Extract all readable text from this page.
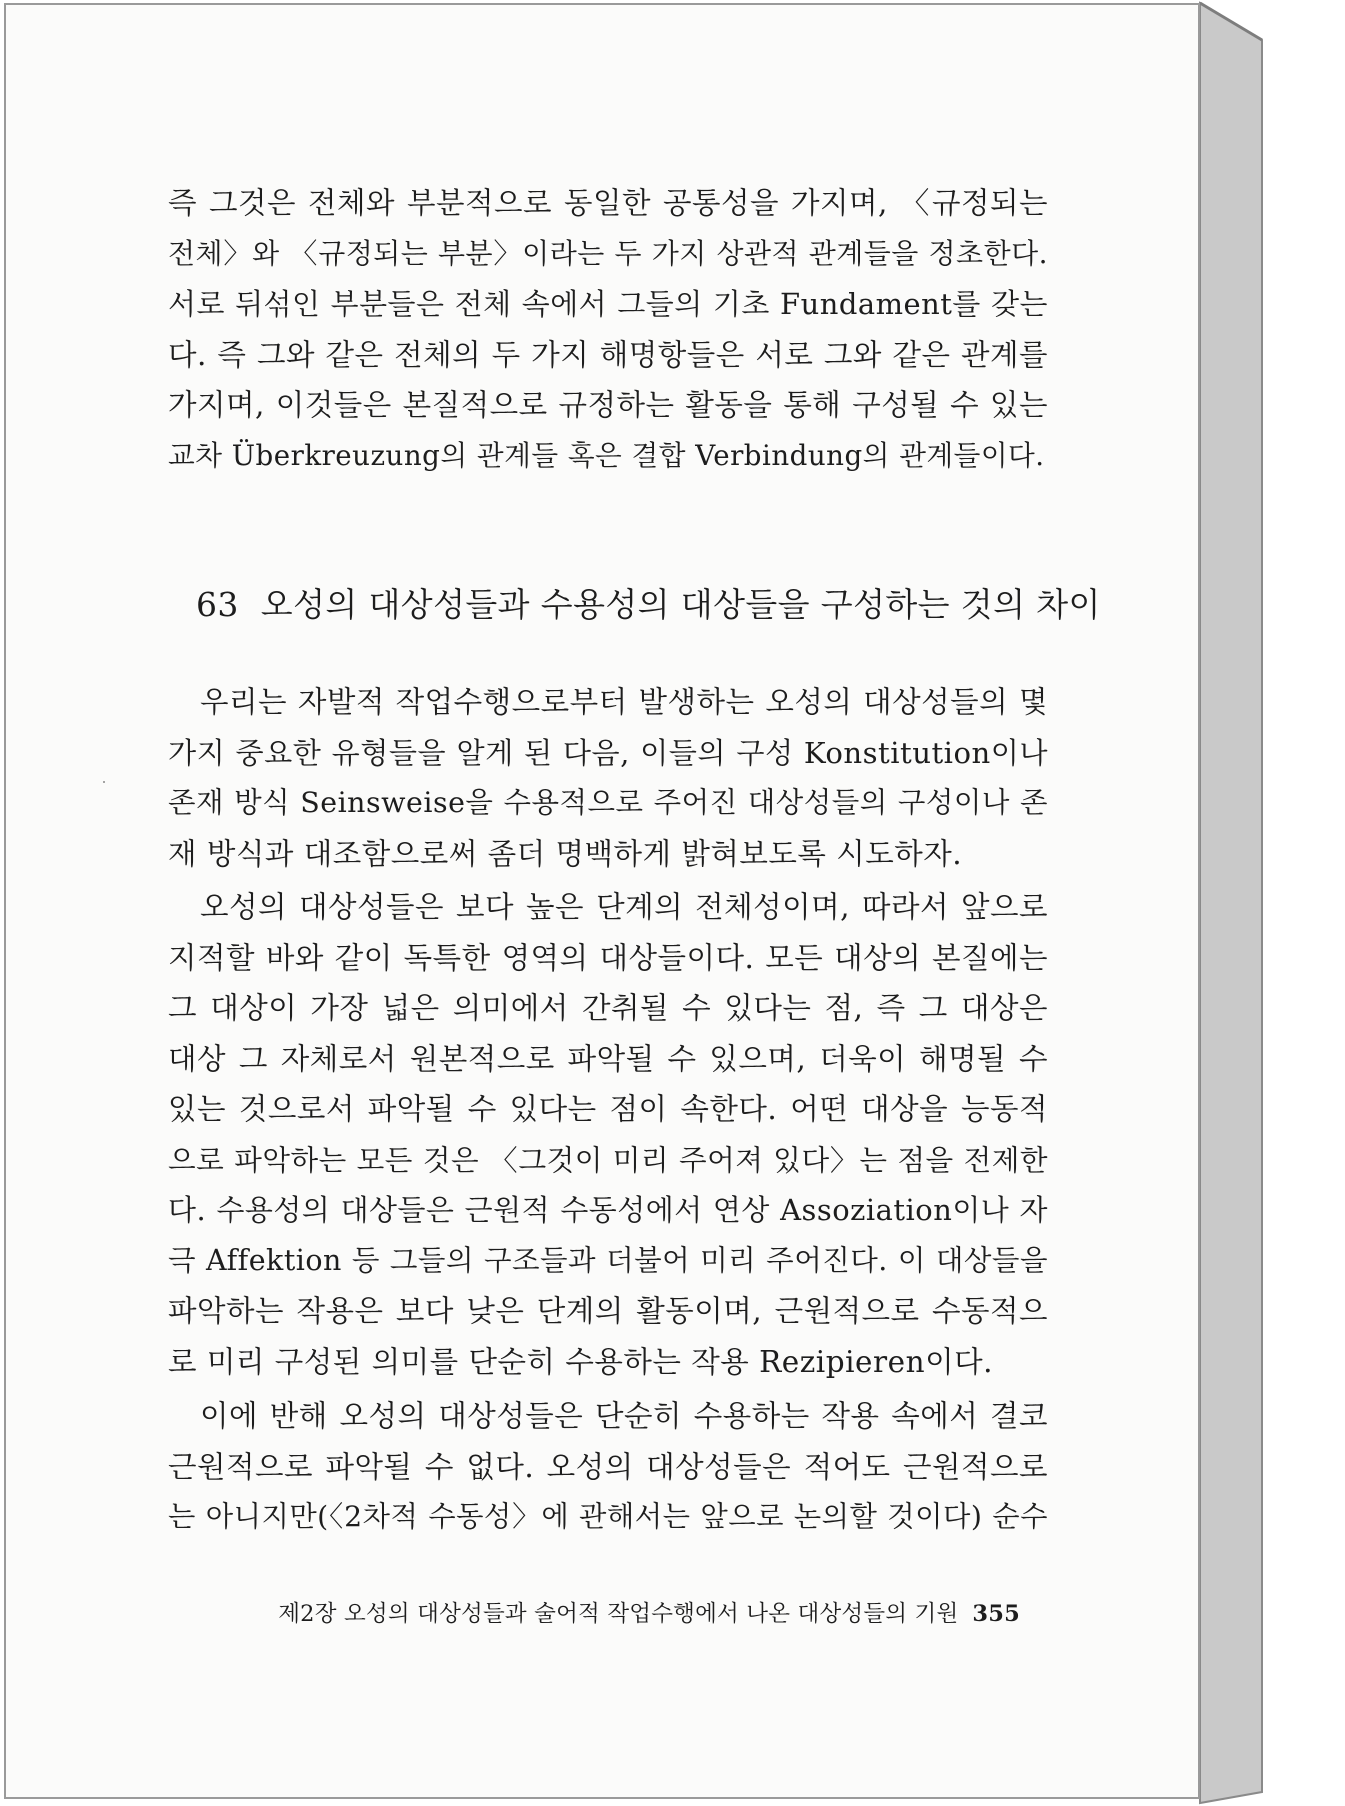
즉 그것은 전체와 부분적으로 동일한 공통성을 가지며, 〈규정되는
전체〉와 〈규정되는 부분〉이라는 두 가지 상관적 관계들을 정초한다.
서로 뒤섞인 부분들은 전체 속에서 그들의 기초 Fundament를 갖는
다. 즉 그와 같은 전체의 두 가지 해명항들은 서로 그와 같은 관계를
가지며, 이것들은 본질적으로 규정하는 활동을 통해 구성될 수 있는
교차 Überkreuzung의 관계들 혹은 결합 Verbindung의 관계들이다.

63 오성의 대상성들과 수용성의 대상들을 구성하는 것의 차이

우리는 자발적 작업수행으로부터 발생하는 오성의 대상성들의 몇
가지 중요한 유형들을 알게 된 다음, 이들의 구성 Konstitution이나
존재 방식 Seinsweise을 수용적으로 주어진 대상성들의 구성이나 존
재 방식과 대조함으로써 좀더 명백하게 밝혀보도록 시도하자.

오성의 대상성들은 보다 높은 단계의 전체성이며, 따라서 앞으로
지적할 바와 같이 독특한 영역의 대상들이다. 모든 대상의 본질에는
그 대상이 가장 넓은 의미에서 간취될 수 있다는 점, 즉 그 대상은
대상 그 자체로서 원본적으로 파악될 수 있으며, 더욱이 해명될 수
있는 것으로서 파악될 수 있다는 점이 속한다. 어떤 대상을 능동적
으로 파악하는 모든 것은 〈그것이 미리 주어져 있다〉는 점을 전제한
다. 수용성의 대상들은 근원적 수동성에서 연상 Assoziation이나 자
극 Affektion 등 그들의 구조들과 더불어 미리 주어진다. 이 대상들을
파악하는 작용은 보다 낮은 단계의 활동이며, 근원적으로 수동적으
로 미리 구성된 의미를 단순히 수용하는 작용 Rezipieren이다.

이에 반해 오성의 대상성들은 단순히 수용하는 작용 속에서 결코
근원적으로 파악될 수 없다. 오성의 대상성들은 적어도 근원적으로
는 아니지만(〈2차적 수동성〉에 관해서는 앞으로 논의할 것이다) 순수

제2장 오성의 대상성들과 술어적 작업수행에서 나온 대상성들의 기원 355
